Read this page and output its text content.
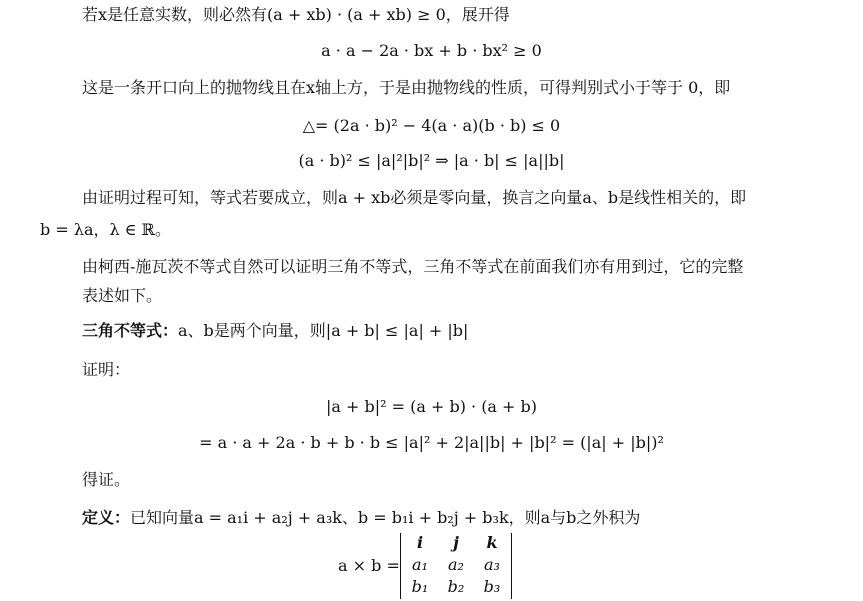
若x是任意实数，则必然有(a + xb) · (a + xb) ≥ 0，展开得
a · a − 2a · bx + b · bx² ≥ 0
这是一条开口向上的抛物线且在x轴上方，于是由抛物线的性质，可得判别式小于等于 0，即
△= (2a · b)² − 4(a · a)(b · b) ≤ 0
(a · b)² ≤ |a|²|b|² ⇒ |a · b| ≤ |a||b|
由证明过程可知，等式若要成立，则a + xb必须是零向量，换言之向量a、b是线性相关的，即
b = λa，λ ∈ ℝ。
由柯西-施瓦茨不等式自然可以证明三角不等式，三角不等式在前面我们亦有用到过，它的完整
表述如下。
三角不等式：a、b是两个向量，则|a + b| ≤ |a| + |b|
证明：
|a + b|² = (a + b) · (a + b)
= a · a + 2a · b + b · b ≤ |a|² + 2|a||b| + |b|² = (|a| + |b|)²
得证。
定义：已知向量a = a₁i + a₂j + a₃k、b = b₁i + b₂j + b₃k，则a与b之外积为
a × b =
i	j	k
a₁	a₂	a₃
b₁	b₂	b₃
